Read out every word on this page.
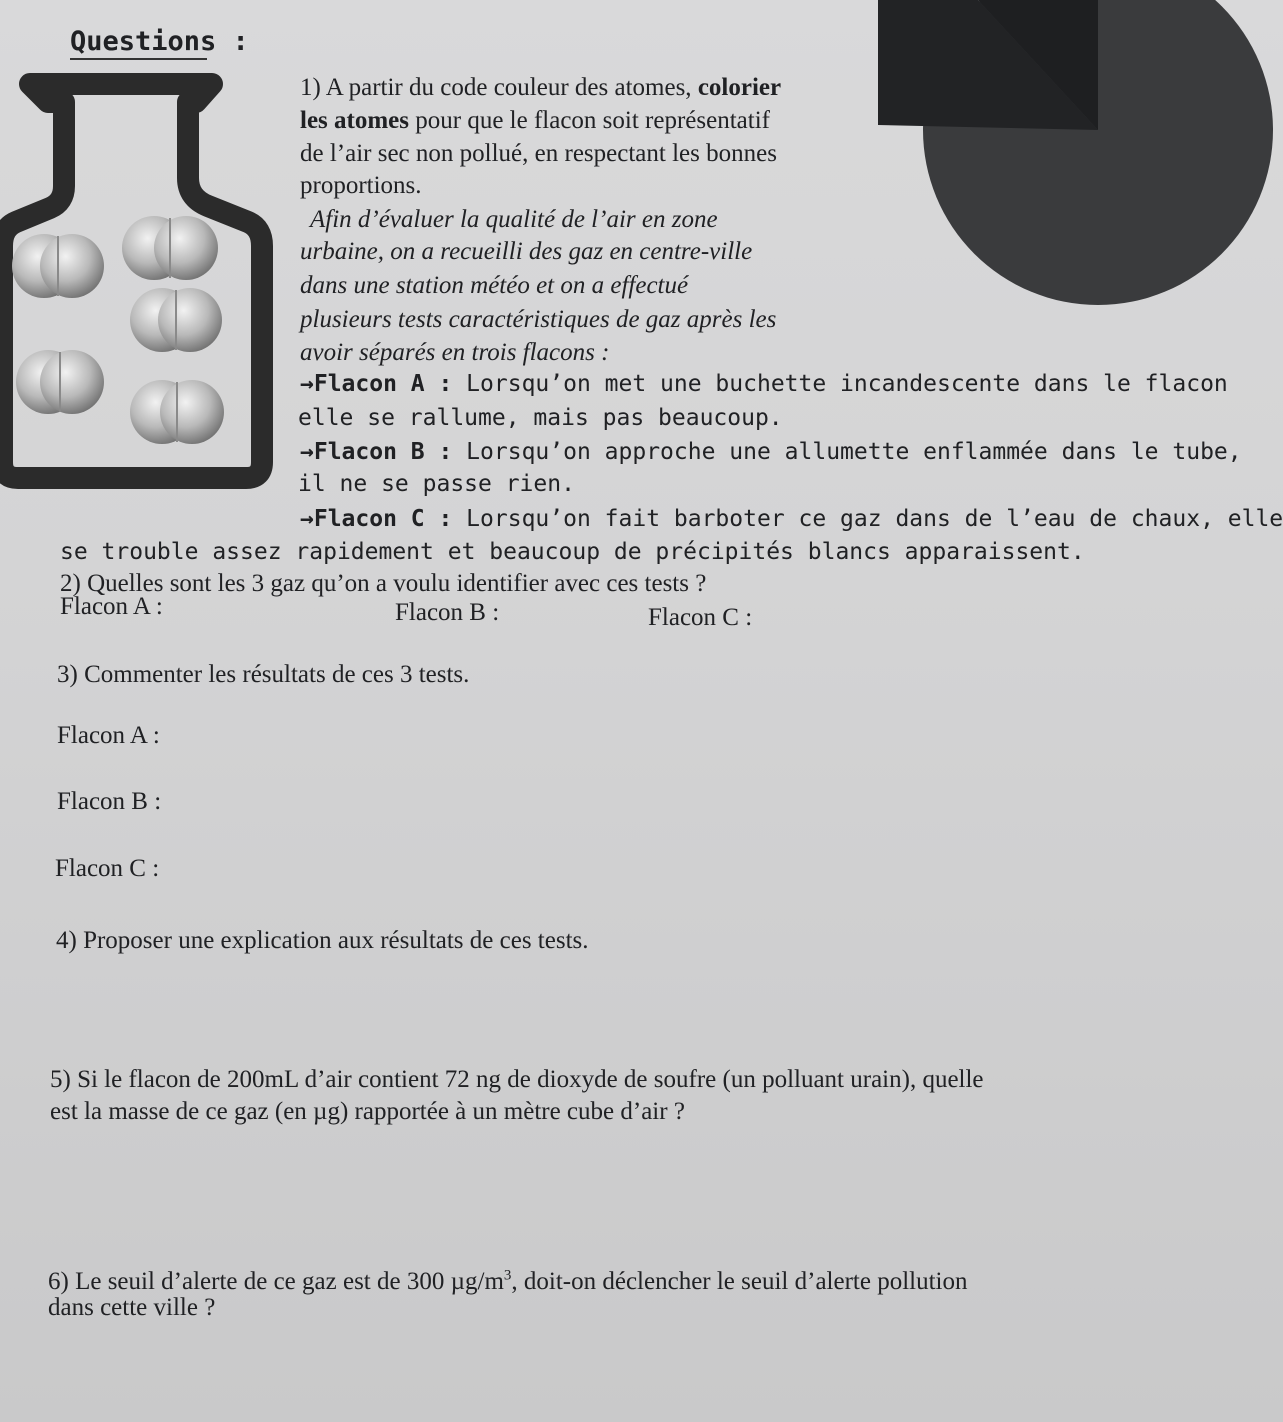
Questions :
1) A partir du code couleur des atomes, colorier
les atomes pour que le flacon soit représentatif
de l’air sec non pollué, en respectant les bonnes
proportions.
Afin d’évaluer la qualité de l’air en zone
urbaine, on a recueilli des gaz en centre-ville
dans une station météo et on a effectué
plusieurs tests caractéristiques de gaz après les
avoir séparés en trois flacons :
→Flacon A : Lorsqu’on met une buchette incandescente dans le flacon
elle se rallume, mais pas beaucoup.
→Flacon B : Lorsqu’on approche une allumette enflammée dans le tube,
il ne se passe rien.
→Flacon C : Lorsqu’on fait barboter ce gaz dans de l’eau de chaux, elle
se trouble assez rapidement et beaucoup de précipités blancs apparaissent.
2) Quelles sont les 3 gaz qu’on a voulu identifier avec ces tests ?
Flacon A :	Flacon B :	Flacon C :
3) Commenter les résultats de ces 3 tests.
Flacon A :
Flacon B :
Flacon C :
4) Proposer une explication aux résultats de ces tests.
5) Si le flacon de 200mL d’air contient 72 ng de dioxyde de soufre (un polluant urain), quelle
est la masse de ce gaz (en µg) rapportée à un mètre cube d’air ?
6) Le seuil d’alerte de ce gaz est de 300 $\mu g/m^3$, doit-on déclencher le seuil d’alerte pollution
dans cette ville ?
